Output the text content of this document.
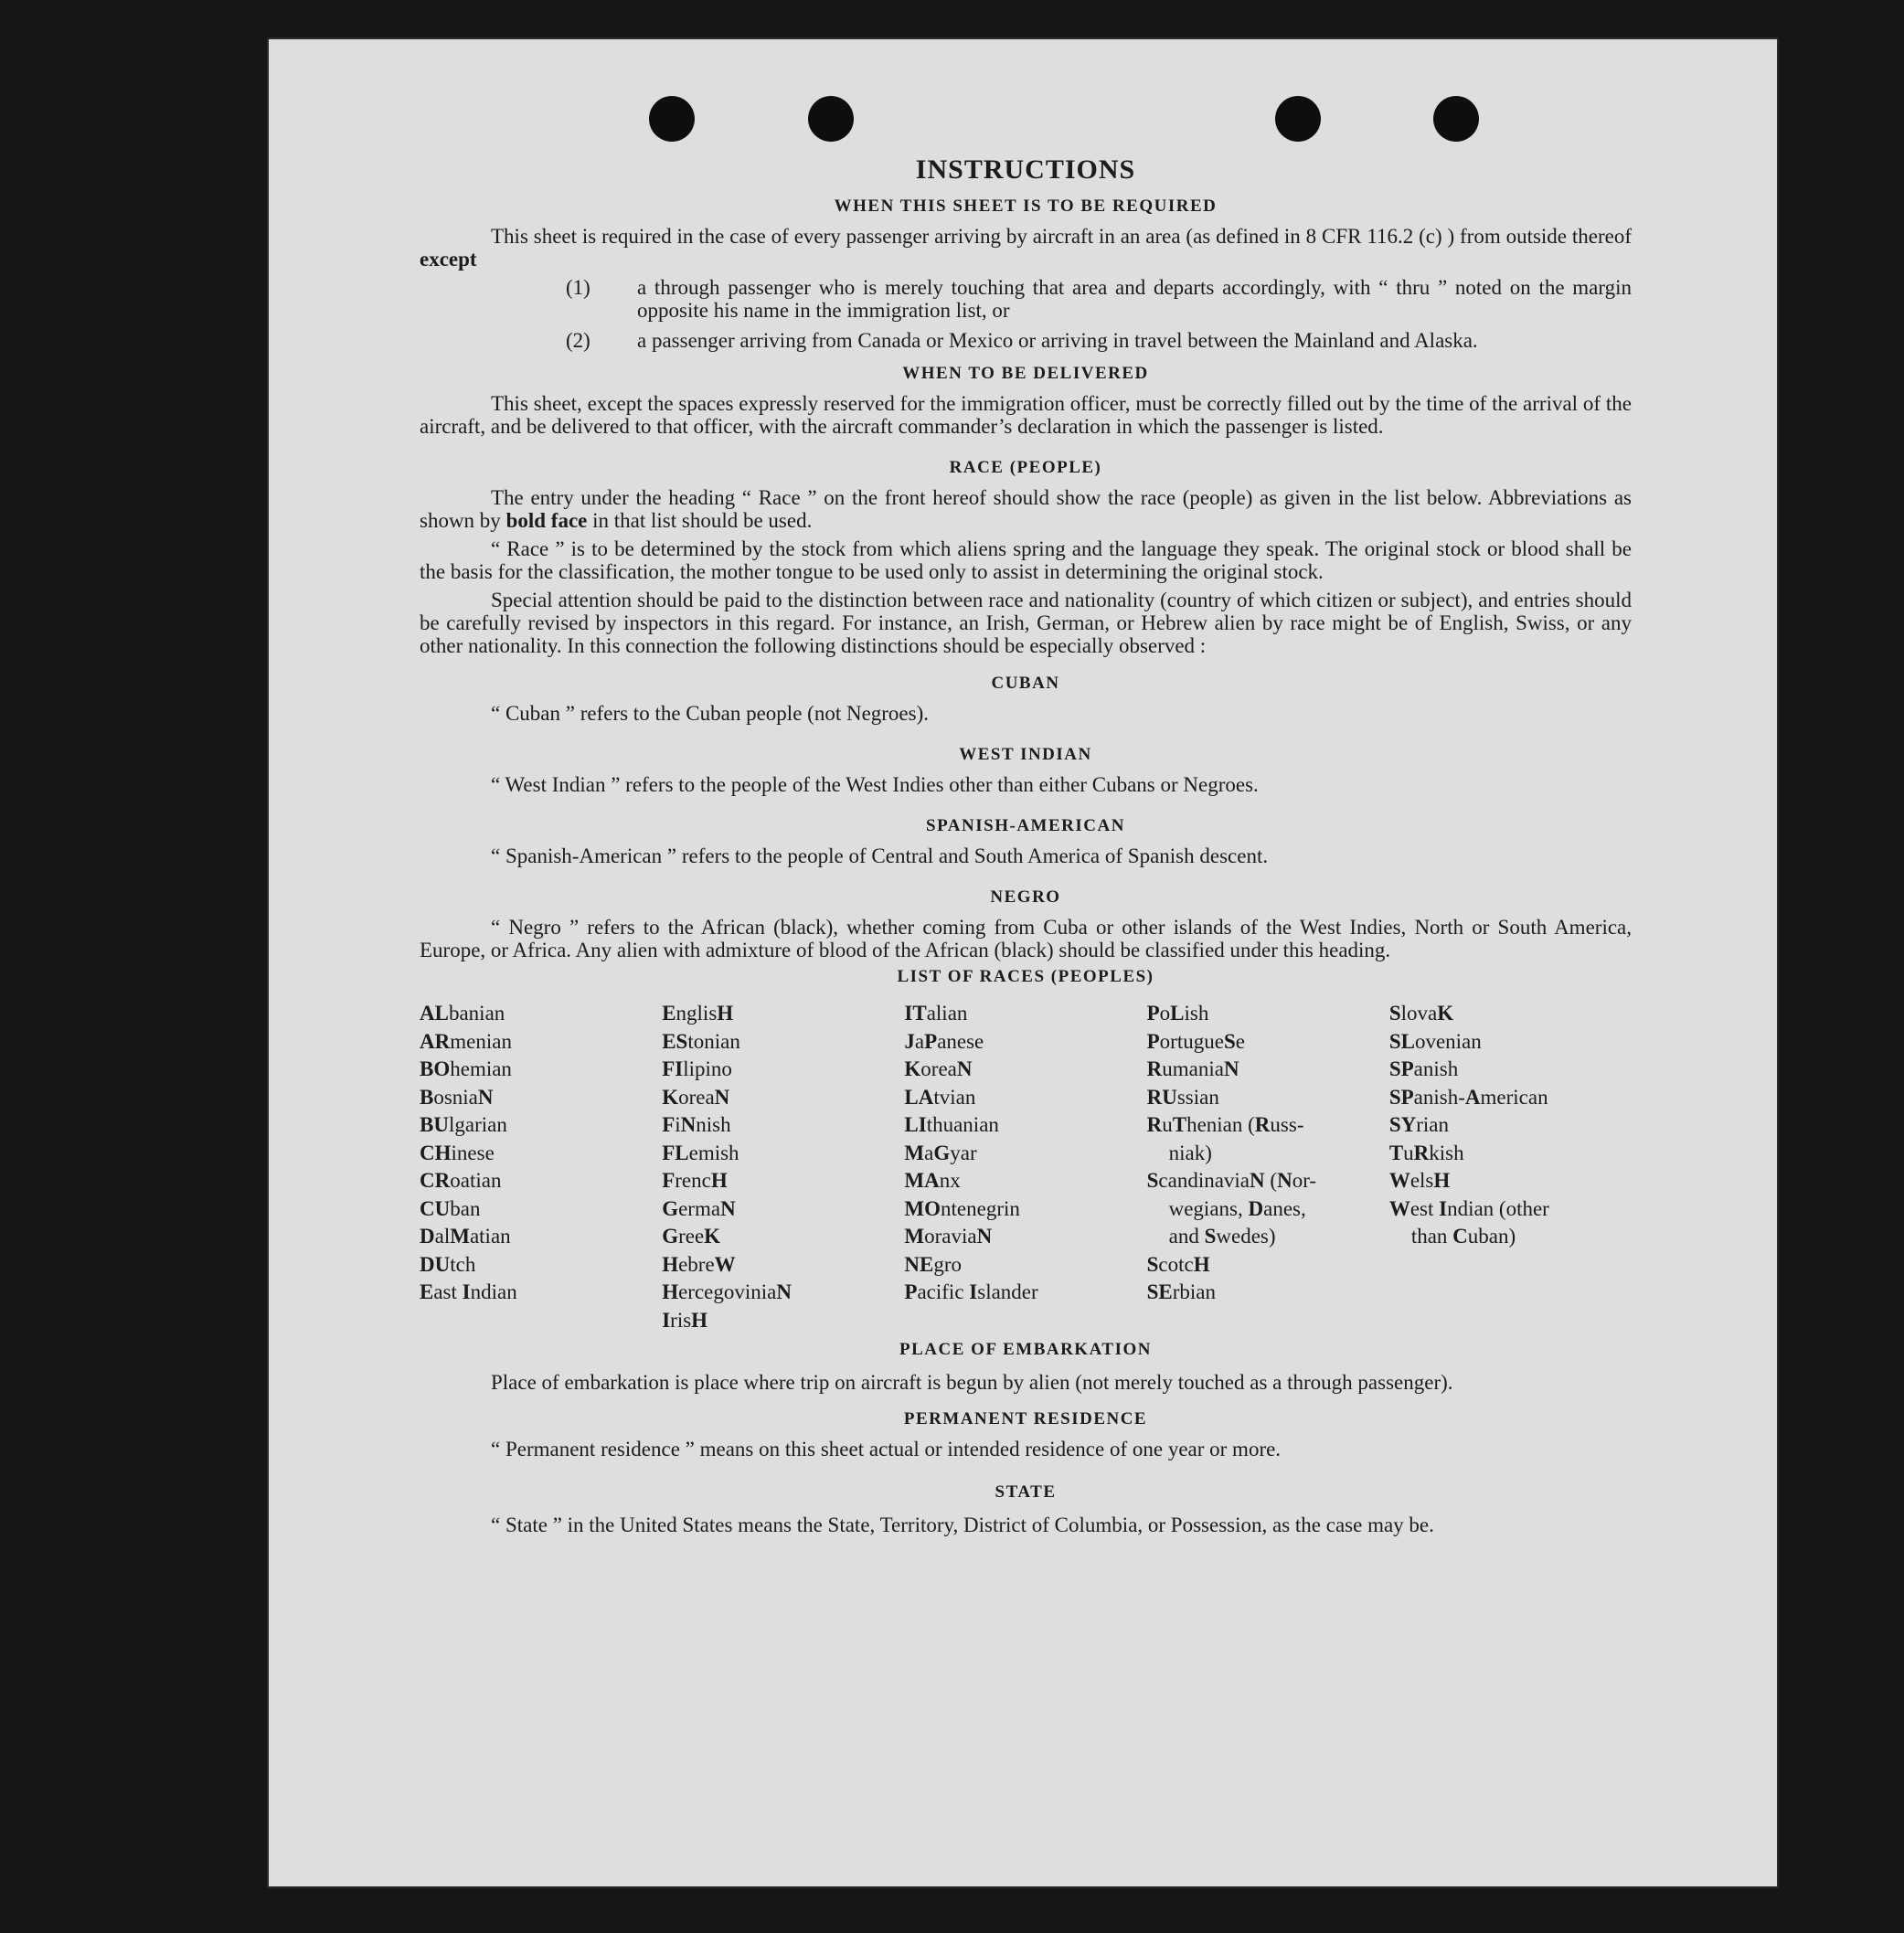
INSTRUCTIONS
WHEN THIS SHEET IS TO BE REQUIRED

This sheet is required in the case of every passenger arriving by aircraft in an area (as defined in 8 CFR 116.2 (c) ) from outside thereof except

(1) a through passenger who is merely touching that area and departs accordingly, with “ thru ” noted on the margin opposite his name in the immigration list, or
(2) a passenger arriving from Canada or Mexico or arriving in travel between the Mainland and Alaska.
WHEN TO BE DELIVERED

This sheet, except the spaces expressly reserved for the immigration officer, must be correctly filled out by the time of the arrival of the aircraft, and be delivered to that officer, with the aircraft commander’s declaration in which the passenger is listed.

RACE (PEOPLE)

The entry under the heading “ Race ” on the front hereof should show the race (people) as given in the list below. Abbreviations as shown by bold face in that list should be used.

“ Race ” is to be determined by the stock from which aliens spring and the language they speak. The original stock or blood shall be the basis for the classification, the mother tongue to be used only to assist in determining the original stock.

Special attention should be paid to the distinction between race and nationality (country of which citizen or subject), and entries should be carefully revised by inspectors in this regard. For instance, an Irish, German, or Hebrew alien by race might be of English, Swiss, or any other nationality. In this connection the following distinctions should be especially observed :

CUBAN

“ Cuban ” refers to the Cuban people (not Negroes).

WEST INDIAN

“ West Indian ” refers to the people of the West Indies other than either Cubans or Negroes.

SPANISH-AMERICAN

“ Spanish-American ” refers to the people of Central and South America of Spanish descent.

NEGRO

“ Negro ” refers to the African (black), whether coming from Cuba or other islands of the West Indies, North or South America, Europe, or Africa. Any alien with admixture of blood of the African (black) should be classified under this heading.

LIST OF RACES (PEOPLES)
ALbanian
ARmenian
BOhemian
BosniaN
BUlgarian
CHinese
CRoatian
CUban
DalMatian
DUtch
East Indian
EnglisH
EStonian
FIlipino
KoreaN
FiNnish
FLemish
FrencH
GermaN
GreeK
HebreW
HercegoviniaN
IrisH
ITalian
JaPanese
KoreaN
LAtvian
LIthuanian
MaGyar
MAnx
MOntenegrin
MoraviaN
NEgro
Pacific Islander
PoLish
PortugueSe
RumaniaN
RUssian
RuThenian (Russ-
niak)
ScandinaviaN (Nor-
wegians, Danes,
and Swedes)
ScotcH
SErbian
SlovaK
SLovenian
SPanish
SPanish-American
SYrian
TuRkish
WelsH
West Indian (other
than Cuban)
PLACE OF EMBARKATION

Place of embarkation is place where trip on aircraft is begun by alien (not merely touched as a through passenger).

PERMANENT RESIDENCE

“ Permanent residence ” means on this sheet actual or intended residence of one year or more.

STATE

“ State ” in the United States means the State, Territory, District of Columbia, or Possession, as the case may be.
